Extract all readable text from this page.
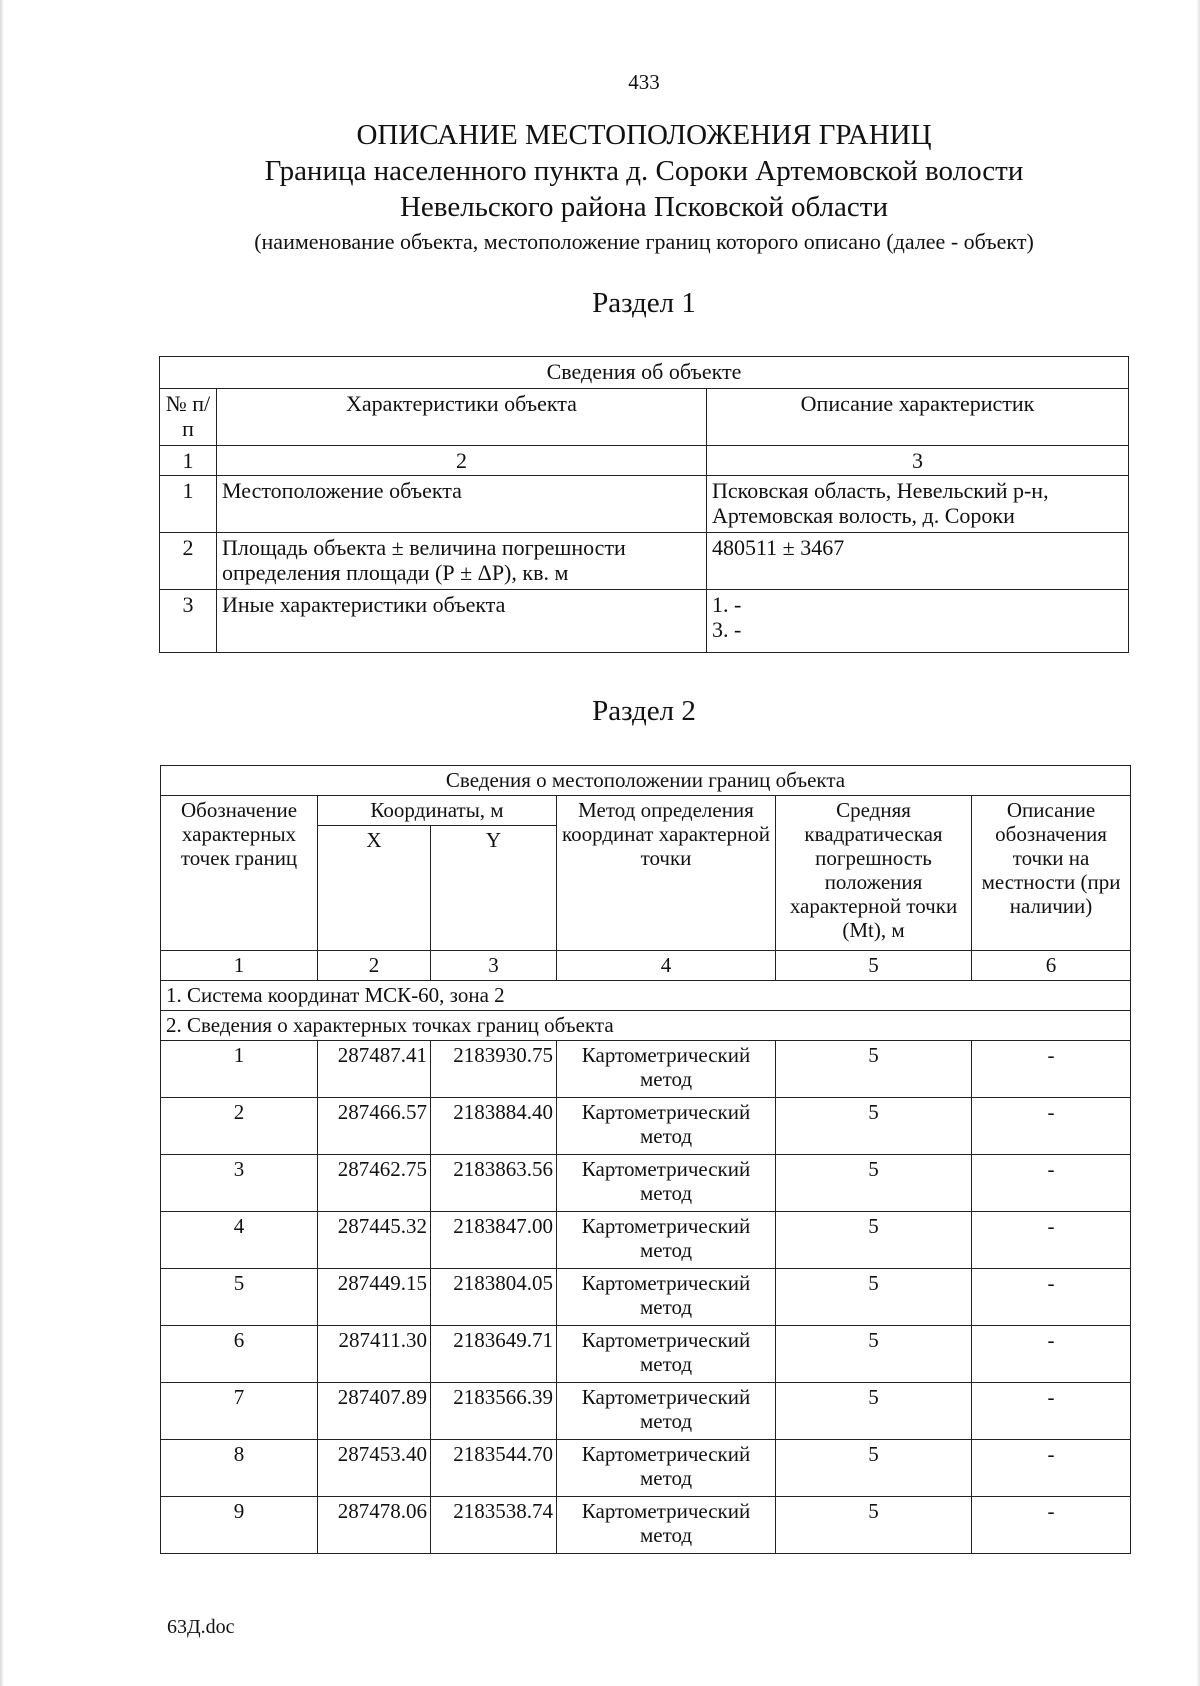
433
ОПИСАНИЕ МЕСТОПОЛОЖЕНИЯ ГРАНИЦ
Граница населенного пункта д. Сороки Артемовской волости
Невельского района Псковской области
(наименование объекта, местоположение границ которого описано (далее - объект)
Раздел 1
Сведения об объекте		
№ п/п	Характеристики объекта	Описание характеристик
1	2	3
1	Местоположение объекта	Псковская область, Невельский р-н,
Артемовская волость, д. Сороки

2	Площадь объекта ± величина погрешности определения площади (Р ± ΔР), кв. м	480511 ± 3467

3	Иные характеристики объекта	1. -
3. -
Раздел 2
Сведения о местоположении границ объекта					
Обозначение характерных точек границ	Координаты, м		Метод определения координат характерной точки	Средняя квадратическая погрешность положения характерной точки (Mt), м	Описание обозначения точки на местности (при наличии)
	X	Y			
1	2	3	4	5	6
1. Система координат МСК-60, зона 2					
2. Сведения о характерных точках границ объекта					
1	287487.41	2183930.75	Картометрический метод	5	-
2	287466.57	2183884.40	Картометрический метод	5	-
3	287462.75	2183863.56	Картометрический метод	5	-
4	287445.32	2183847.00	Картометрический метод	5	-
5	287449.15	2183804.05	Картометрический метод	5	-
6	287411.30	2183649.71	Картометрический метод	5	-
7	287407.89	2183566.39	Картометрический метод	5	-
8	287453.40	2183544.70	Картометрический метод	5	-
9	287478.06	2183538.74	Картометрический метод	5	-
63Д.doc
